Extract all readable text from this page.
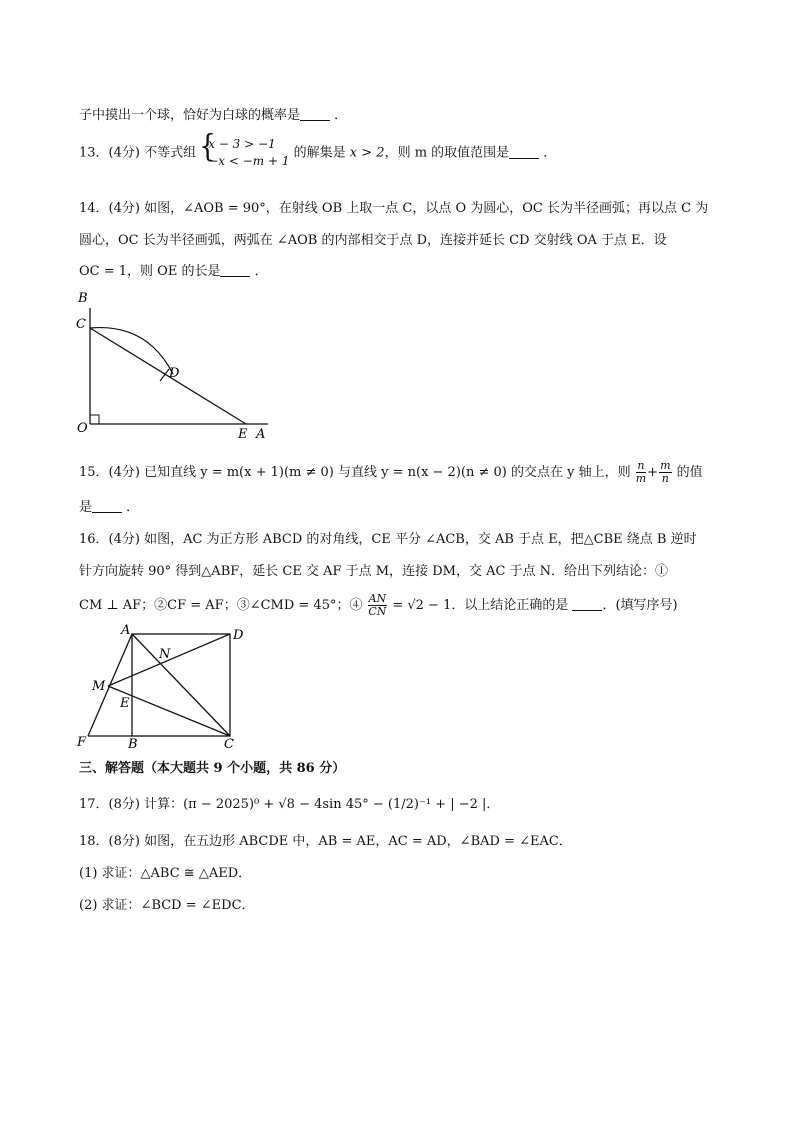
子中摸出一个球，恰好为白球的概率是 ．
13．(4分) 不等式组 { x − 3 > −1
−x < −m + 1 的解集是 x > 2，则 m 的取值范围是 ．
14．(4分) 如图，∠AOB = 90°，在射线 OB 上取一点 C，以点 O 为圆心，OC 长为半径画弧；再以点 C 为
圆心，OC 长为半径画弧，两弧在 ∠AOB 的内部相交于点 D，连接并延长 CD 交射线 OA 于点 E．设
OC = 1，则 OE 的长是 ．
B
C
D
O	E A
15．(4分) 已知直线 y = m(x + 1)(m ≠ 0) 与直线 y = n(x − 2)(n ≠ 0) 的交点在 y 轴上，则 $\frac{n}{m} + \frac{m}{n}$ 的值
是 ．
16．(4分) 如图，AC 为正方形 ABCD 的对角线，CE 平分 ∠ACB，交 AB 于点 E，把△CBE 绕点 B 逆时
针方向旋转 90° 得到△ABF，延长 CE 交 AF 于点 M，连接 DM，交 AC 于点 N．给出下列结论：①
CM ⊥ AF；②CF = AF；③∠CMD = 45°；④ $\frac{AN}{CN} = √2 - 1$．以上结论正确的是	．(填写序号)
A	D
N
M
E
F	B	C
三、解答题（本大题共 9 个小题，共 86 分）
17．(8分) 计算：(π − 2025)⁰ + √8 − 4sin 45° − (1/2)⁻¹ + | −2 |．
18．(8分) 如图，在五边形 ABCDE 中，AB = AE，AC = AD，∠BAD = ∠EAC．
(1) 求证：△ABC ≅ △AED．
(2) 求证：∠BCD = ∠EDC．
